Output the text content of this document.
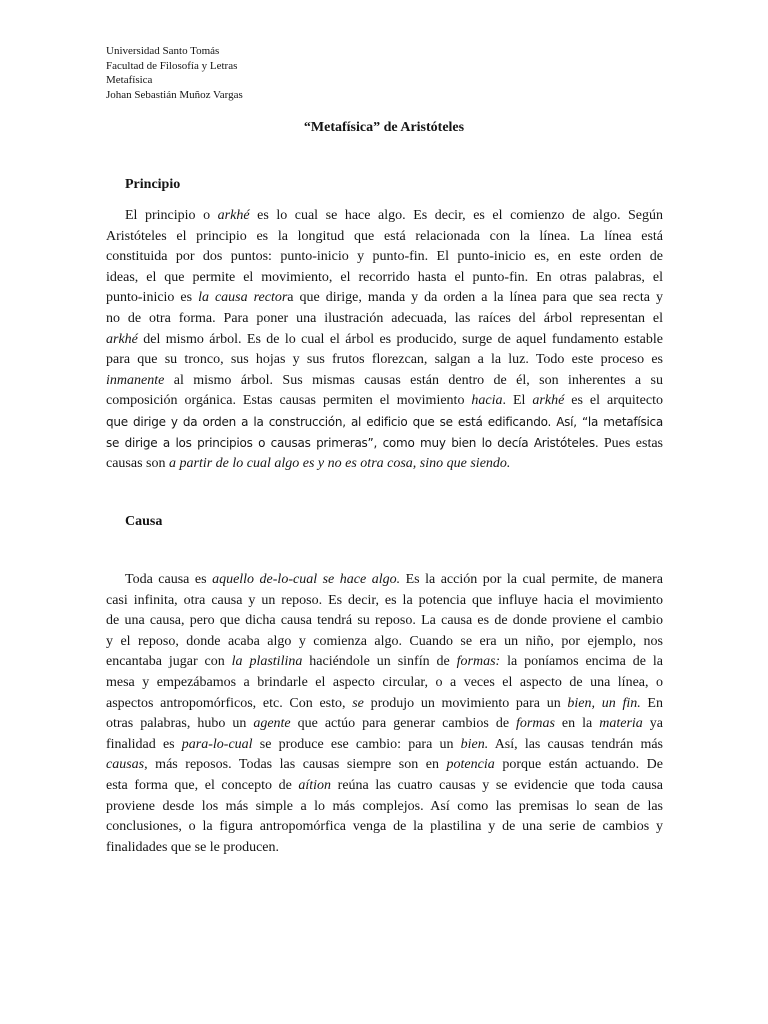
Universidad Santo Tomás
Facultad de Filosofía y Letras
Metafísica
Johan Sebastián Muñoz Vargas
“Metafísica” de Aristóteles
Principio
El principio o arkhé es lo cual se hace algo. Es decir, es el comienzo de algo. Según
Aristóteles el principio es la longitud que está relacionada con la línea. La línea está
constituida por dos puntos: punto-inicio y punto-fin. El punto-inicio es, en este orden de
ideas, el que permite el movimiento, el recorrido hasta el punto-fin. En otras palabras, el
punto-inicio es la causa rectora que dirige, manda y da orden a la línea para que sea recta y
no de otra forma. Para poner una ilustración adecuada, las raíces del árbol representan el
arkhé del mismo árbol. Es de lo cual el árbol es producido, surge de aquel fundamento estable
para que su tronco, sus hojas y sus frutos florezcan, salgan a la luz. Todo este proceso es
inmanente al mismo árbol. Sus mismas causas están dentro de él, son inherentes a su
composición orgánica. Estas causas permiten el movimiento hacia. El arkhé es el arquitecto
que dirige y da orden a la construcción, al edificio que se está edificando. Así, “la metafísica
se dirige a los principios o causas primeras”, como muy bien lo decía Aristóteles. Pues estas
causas son a partir de lo cual algo es y no es otra cosa, sino que siendo.
Causa
Toda causa es aquello de-lo-cual se hace algo. Es la acción por la cual permite, de manera
casi infinita, otra causa y un reposo. Es decir, es la potencia que influye hacia el movimiento
de una causa, pero que dicha causa tendrá su reposo. La causa es de donde proviene el cambio
y el reposo, donde acaba algo y comienza algo. Cuando se era un niño, por ejemplo, nos
encantaba jugar con la plastilina haciéndole un sinfín de formas: la poníamos encima de la
mesa y empezábamos a brindarle el aspecto circular, o a veces el aspecto de una línea, o
aspectos antropomórficos, etc. Con esto, se produjo un movimiento para un bien, un fin. En
otras palabras, hubo un agente que actúo para generar cambios de formas en la materia ya
finalidad es para-lo-cual se produce ese cambio: para un bien. Así, las causas tendrán más
causas, más reposos. Todas las causas siempre son en potencia porque están actuando. De
esta forma que, el concepto de aítion reúna las cuatro causas y se evidencie que toda causa
proviene desde los más simple a lo más complejos. Así como las premisas lo sean de las
conclusiones, o la figura antropomórfica venga de la plastilina y de una serie de cambios y
finalidades que se le producen.
